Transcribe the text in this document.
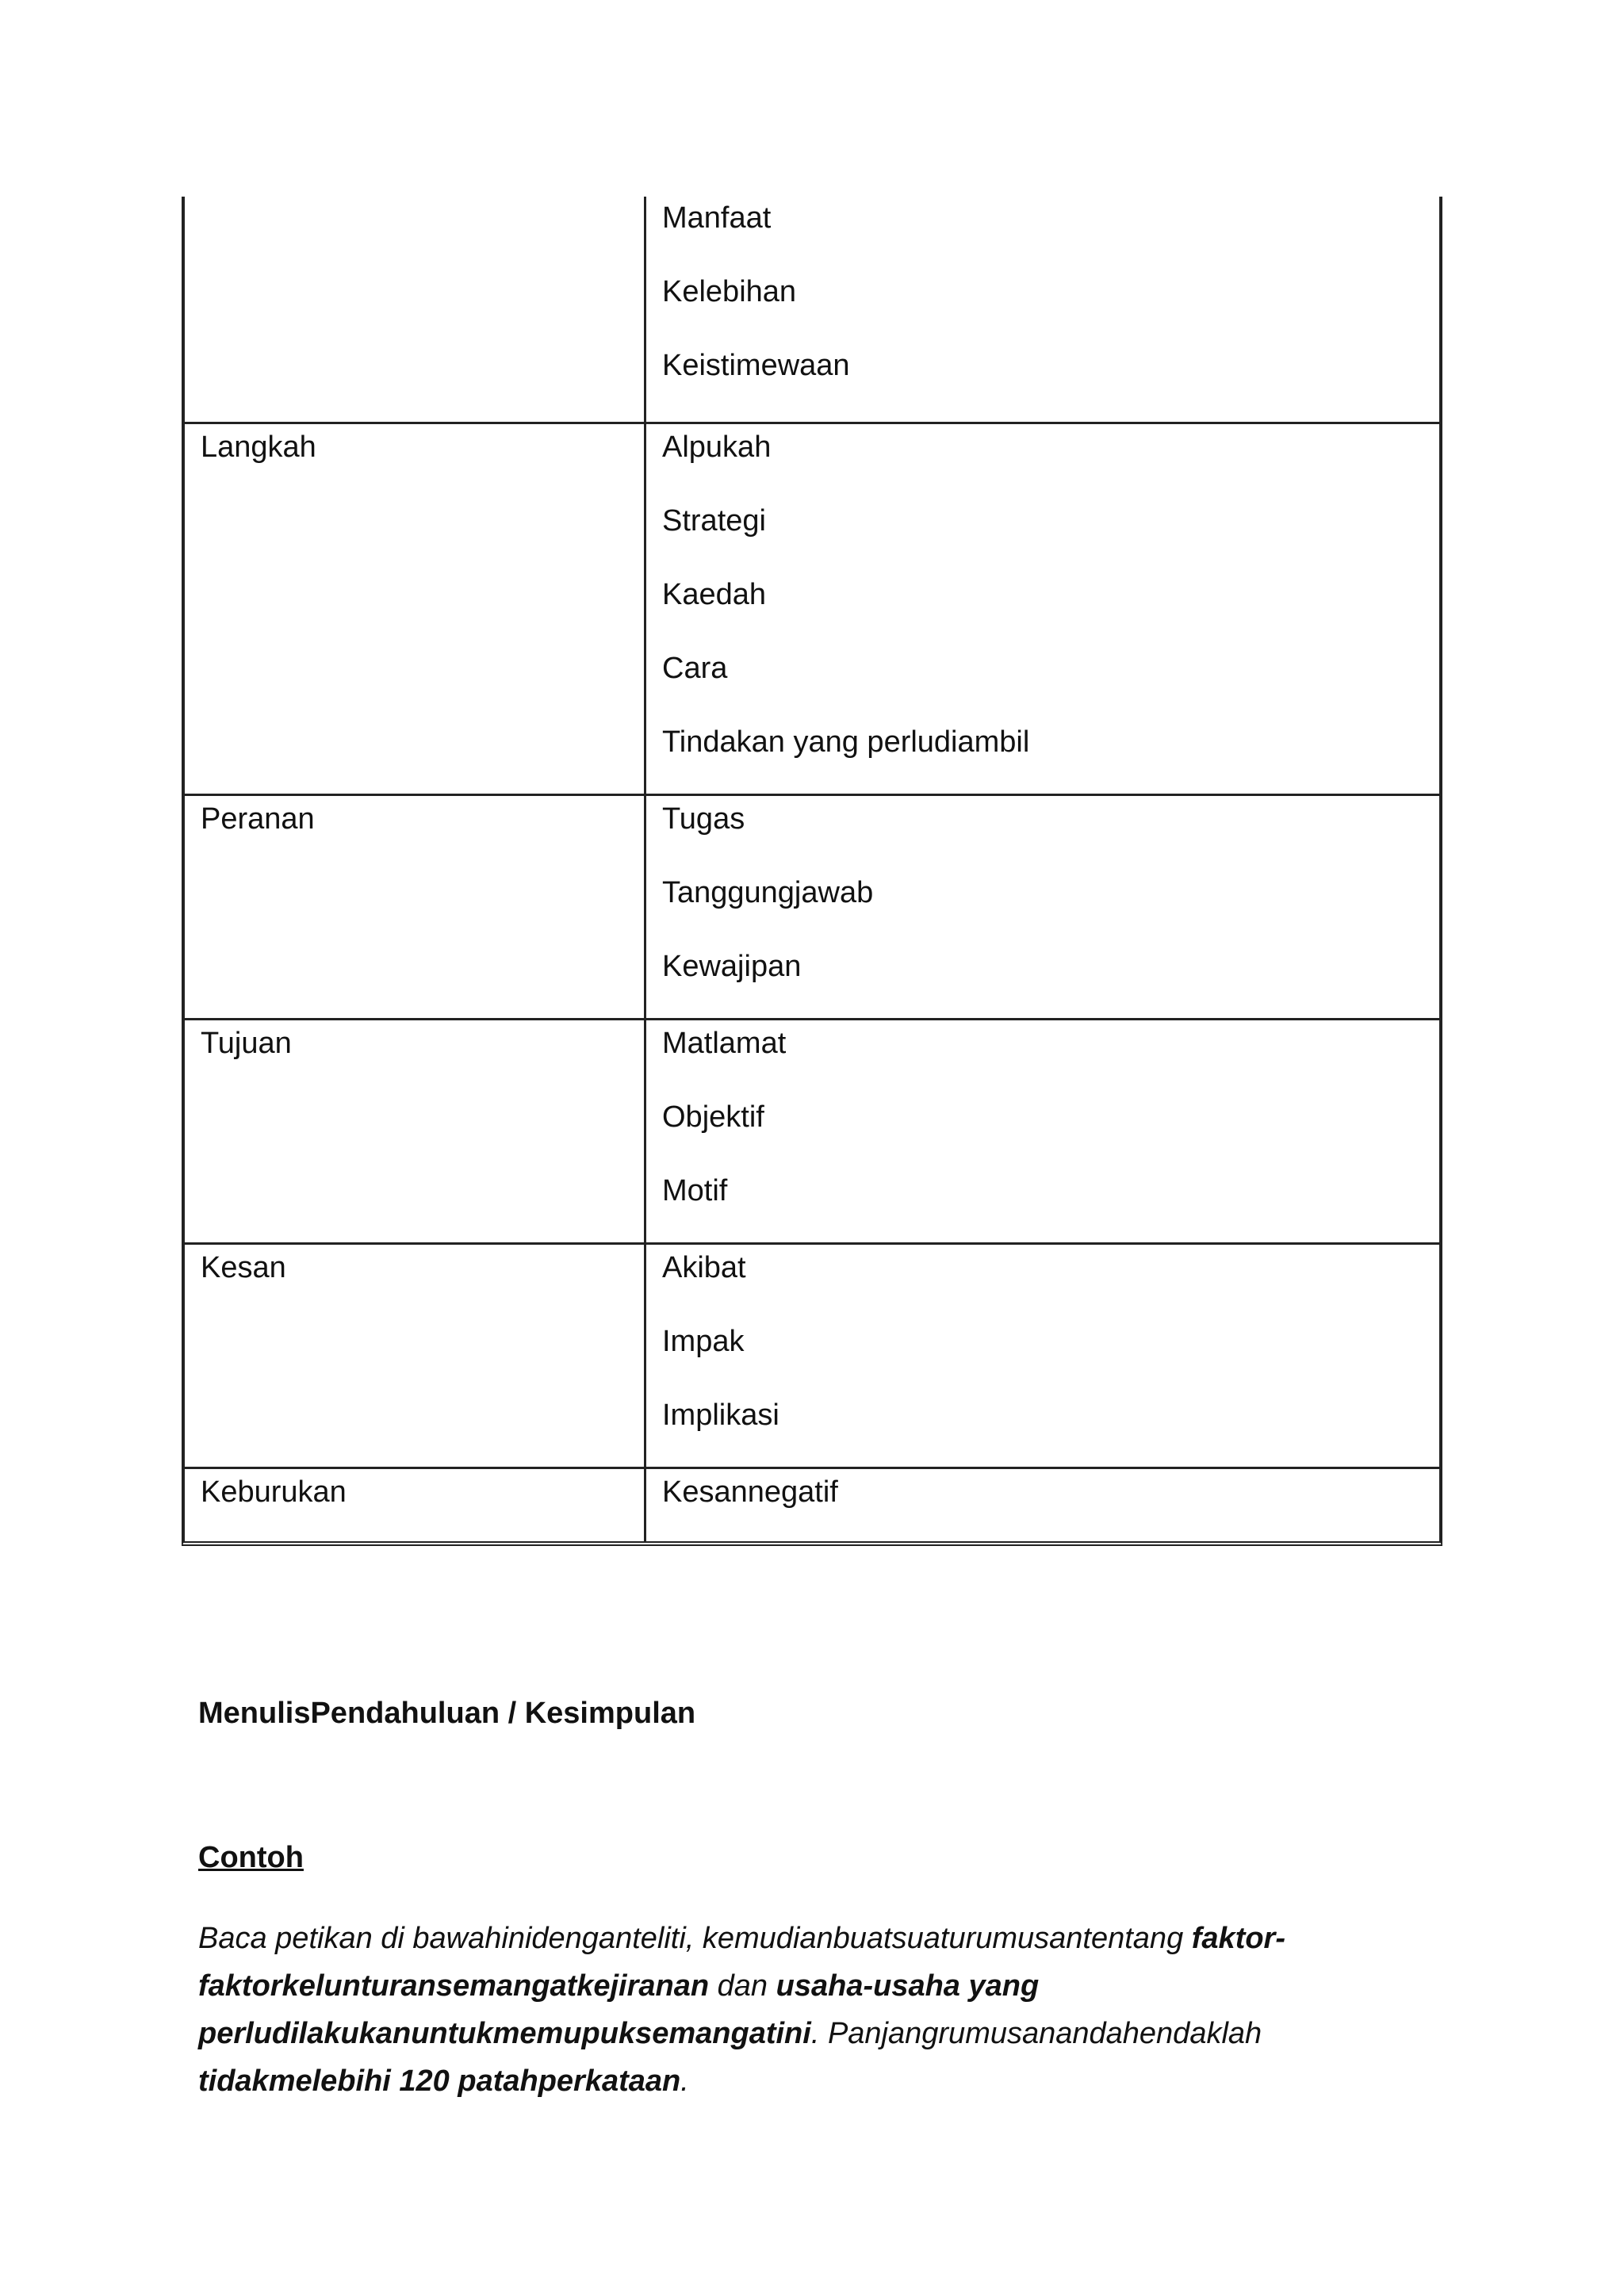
Manfaat
Kelebihan
Keistimewaan
Langkah	Alpukah
Strategi
Kaedah
Cara
Tindakan yang perludiambil
Peranan	Tugas
Tanggungjawab
Kewajipan
Tujuan	Matlamat
Objektif
Motif
Kesan	Akibat
Impak
Implikasi
Keburukan	Kesannegatif
MenulisPendahuluan / Kesimpulan
Contoh
Baca petikan di bawahinidenganteliti, kemudianbuatsuaturumusantentang faktor-faktorkelunturansemangatkejiranan dan usaha-usaha yang perludilakukanuntukmemupuksemangatini. Panjangrumusanandahendaklah tidakmelebihi 120 patahperkataan.
